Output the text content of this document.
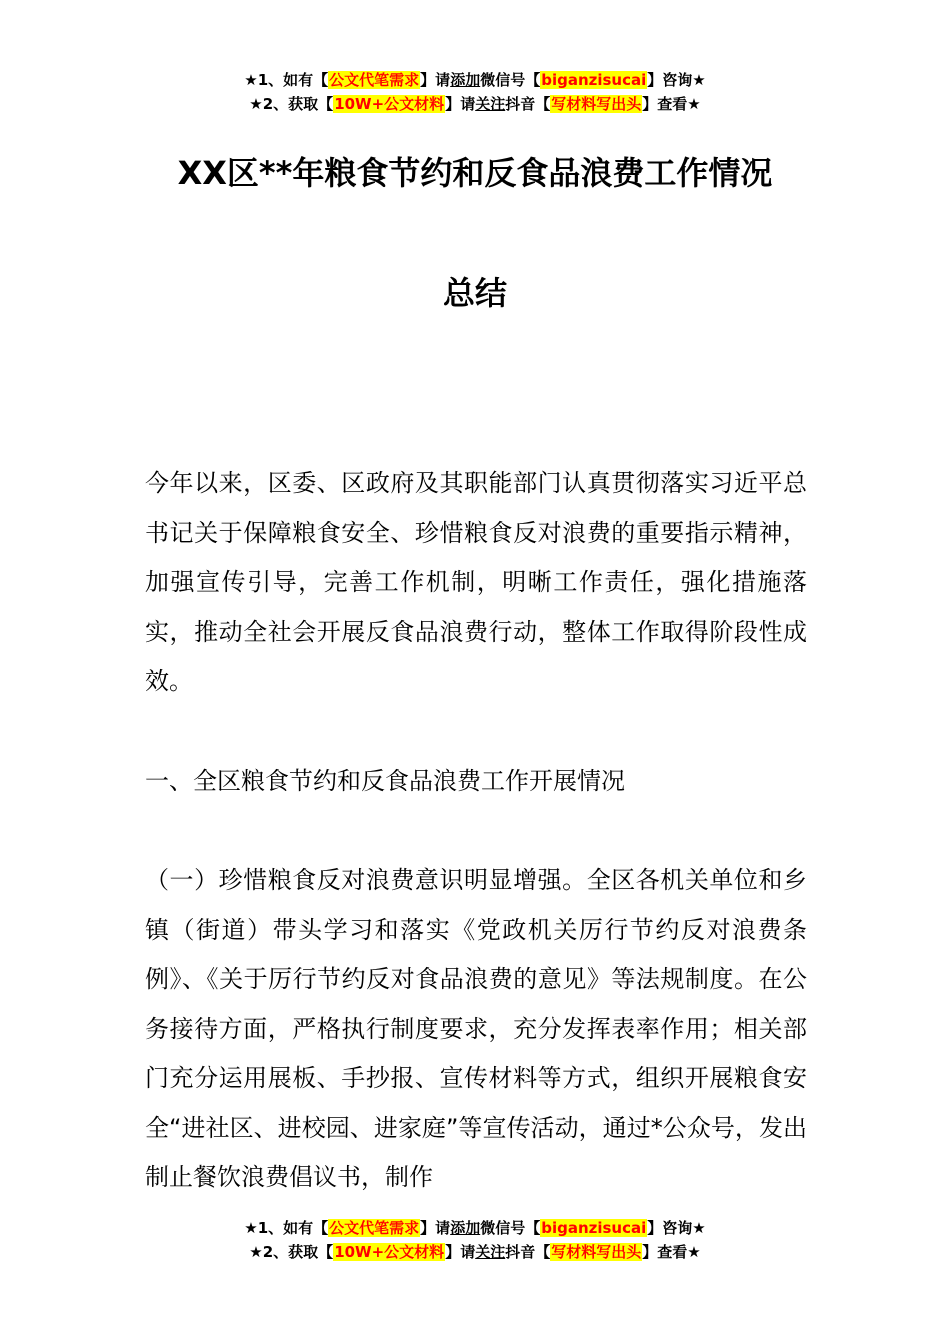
★1、如有【公文代笔需求】请添加微信号【biganzisucai】咨询★
★2、获取【10W+公文材料】请关注抖音【写材料写出头】查看★
XX区**年粮食节约和反食品浪费工作情况
总结

今年以来，区委、区政府及其职能部门认真贯彻落实习近平总书记关于保障粮食安全、珍惜粮食反对浪费的重要指示精神，加强宣传引导，完善工作机制，明晰工作责任，强化措施落实，推动全社会开展反食品浪费行动，整体工作取得阶段性成效。

一、全区粮食节约和反食品浪费工作开展情况

（一）珍惜粮食反对浪费意识明显增强。全区各机关单位和乡镇（街道）带头学习和落实《党政机关厉行节约反对浪费条例》、《关于厉行节约反对食品浪费的意见》等法规制度。在公务接待方面，严格执行制度要求，充分发挥表率作用；相关部门充分运用展板、手抄报、宣传材料等方式，组织开展粮食安全“进社区、进校园、进家庭”等宣传活动，通过*公众号，发出制止餐饮浪费倡议书，制作

★1、如有【公文代笔需求】请添加微信号【biganzisucai】咨询★
★2、获取【10W+公文材料】请关注抖音【写材料写出头】查看★
